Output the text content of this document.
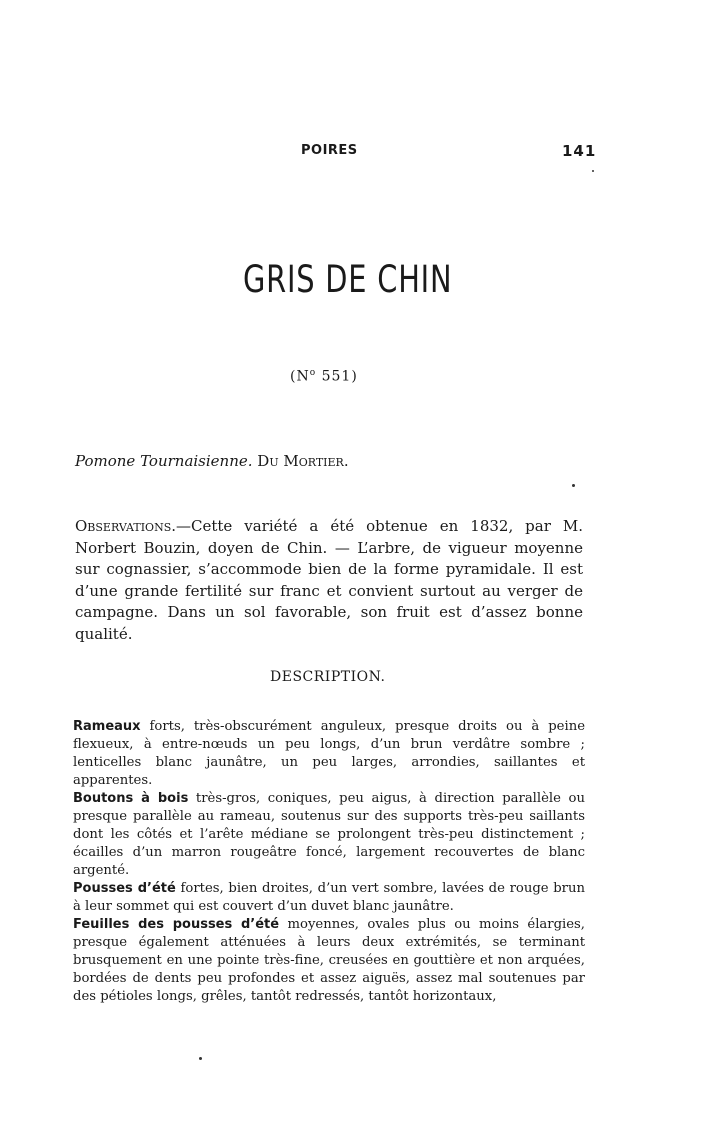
POIRES	141
GRIS DE CHIN
($N^o$ 551)
Pomone Tournaisienne. Du Mortier.
Observations.—Cette variété a été obtenue en 1832, par M. Norbert Bouzin, doyen de Chin. — L’arbre, de vigueur moyenne sur cognassier, s’accommode bien de la forme pyramidale. Il est d’une grande fertilité sur franc et convient surtout au verger de campagne. Dans un sol favorable, son fruit est d’assez bonne qualité.
DESCRIPTION.

Rameaux forts, très-obscurément anguleux, presque droits ou à peine flexueux, à entre-nœuds un peu longs, d’un brun verdâtre sombre ; lenticelles blanc jaunâtre, un peu larges, arrondies, saillantes et apparentes.

Boutons à bois très-gros, coniques, peu aigus, à direction parallèle ou presque parallèle au rameau, soutenus sur des supports très-peu saillants dont les côtés et l’arête médiane se prolongent très-peu distinctement ; écailles d’un marron rougeâtre foncé, largement recouvertes de blanc argenté.

Pousses d’été fortes, bien droites, d’un vert sombre, lavées de rouge brun à leur sommet qui est couvert d’un duvet blanc jaunâtre.

Feuilles des pousses d’été moyennes, ovales plus ou moins élargies, presque également atténuées à leurs deux extrémités, se terminant brusquement en une pointe très-fine, creusées en gouttière et non arquées, bordées de dents peu profondes et assez aiguës, assez mal soutenues par des pétioles longs, grêles, tantôt redressés, tantôt horizontaux,
